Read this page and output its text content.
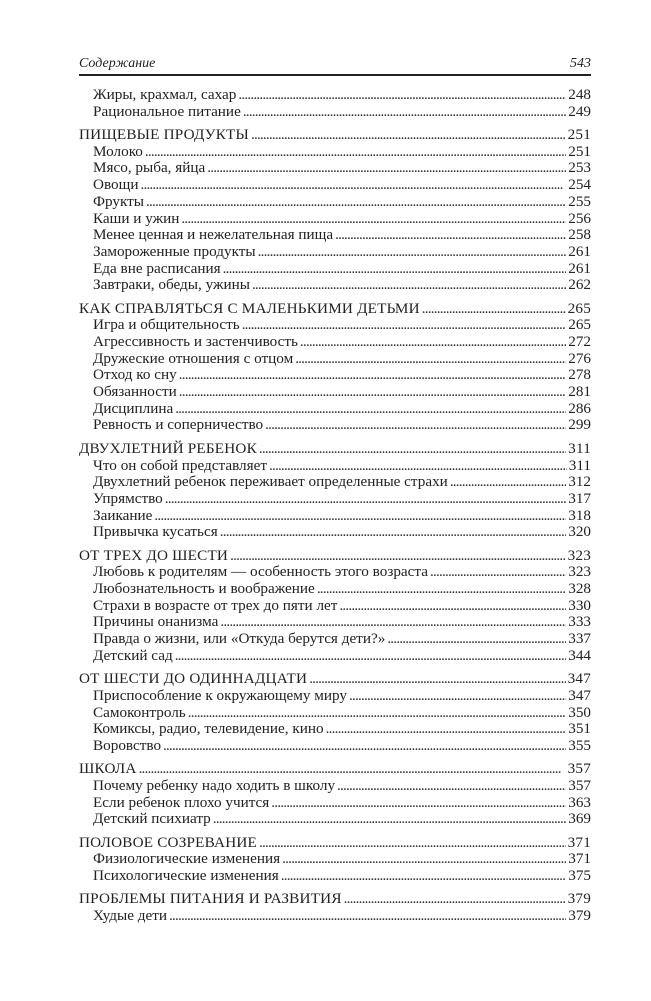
Содержание	543
Жиры, крахмал, сахар . . .	248
Рациональное питание . . .	249
ПИЩЕВЫЕ ПРОДУКТЫ . . .	251
Молоко . . .	251
Мясо, рыба, яйца . . .	253
Овощи . . .	254
Фрукты . . .	255
Каши и ужин . . .	256
Менее ценная и нежелательная пища . . .	258
Замороженные продукты . . .	261
Еда вне расписания . . .	261
Завтраки, обеды, ужины . . .	262
КАК СПРАВЛЯТЬСЯ С МАЛЕНЬКИМИ ДЕТЬМИ . . .	265
Игра и общительность . . .	265
Агрессивность и застенчивость . . .	272
Дружеские отношения с отцом . . .	276
Отход ко сну . . .	278
Обязанности . . .	281
Дисциплина . . .	286
Ревность и соперничество . . .	299
ДВУХЛЕТНИЙ РЕБЕНОК . . .	311
Что он собой представляет . . .	311
Двухлетний ребенок переживает определенные страхи . . .	312
Упрямство . . .	317
Заикание . . .	318
Привычка кусаться . . .	320
ОТ ТРЕХ ДО ШЕСТИ . . .	323
Любовь к родителям — особенность этого возраста . . .	323
Любознательность и воображение . . .	328
Страхи в возрасте от трех до пяти лет . . .	330
Причины онанизма . . .	333
Правда о жизни, или «Откуда берутся дети?» . . .	337
Детский сад . . .	344
ОТ ШЕСТИ ДО ОДИННАДЦАТИ . . .	347
Приспособление к окружающему миру . . .	347
Самоконтроль . . .	350
Комиксы, радио, телевидение, кино . . .	351
Воровство . . .	355
ШКОЛА . . .	357
Почему ребенку надо ходить в школу . . .	357
Если ребенок плохо учится . . .	363
Детский психиатр . . .	369
ПОЛОВОЕ СОЗРЕВАНИЕ . . .	371
Физиологические изменения . . .	371
Психологические изменения . . .	375
ПРОБЛЕМЫ ПИТАНИЯ И РАЗВИТИЯ . . .	379
Худые дети . . .	379
